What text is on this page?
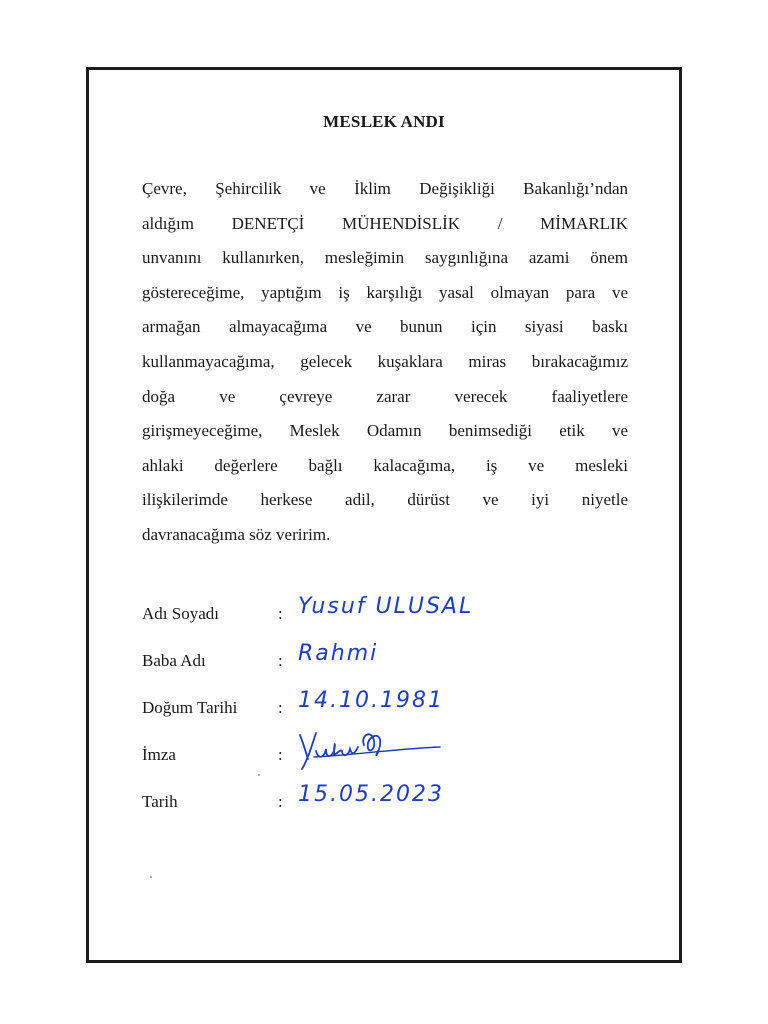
MESLEK ANDI

Çevre, Şehircilik ve İklim Değişikliği Bakanlığı’ndan
aldığım DENETÇİ MÜHENDİSLİK / MİMARLIK
unvanını kullanırken, mesleğimin saygınlığına azami önem
göstereceğime, yaptığım iş karşılığı yasal olmayan para ve
armağan almayacağıma ve bunun için siyasi baskı
kullanmayacağıma, gelecek kuşaklara miras bırakacağımız
doğa ve çevreye zarar verecek faaliyetlere
girişmeyeceğime, Meslek Odamın benimsediği etik ve
ahlaki değerlere bağlı kalacağıma, iş ve mesleki
ilişkilerimde herkese adil, dürüst ve iyi niyetle
davranacağıma söz veririm.

Adı Soyadı	: Yusuf ULUSAL
Baba Adı	: Rahmi
Doğum Tarihi : 14.10.1981
İmza	:
Tarih	: 15.05.2023
